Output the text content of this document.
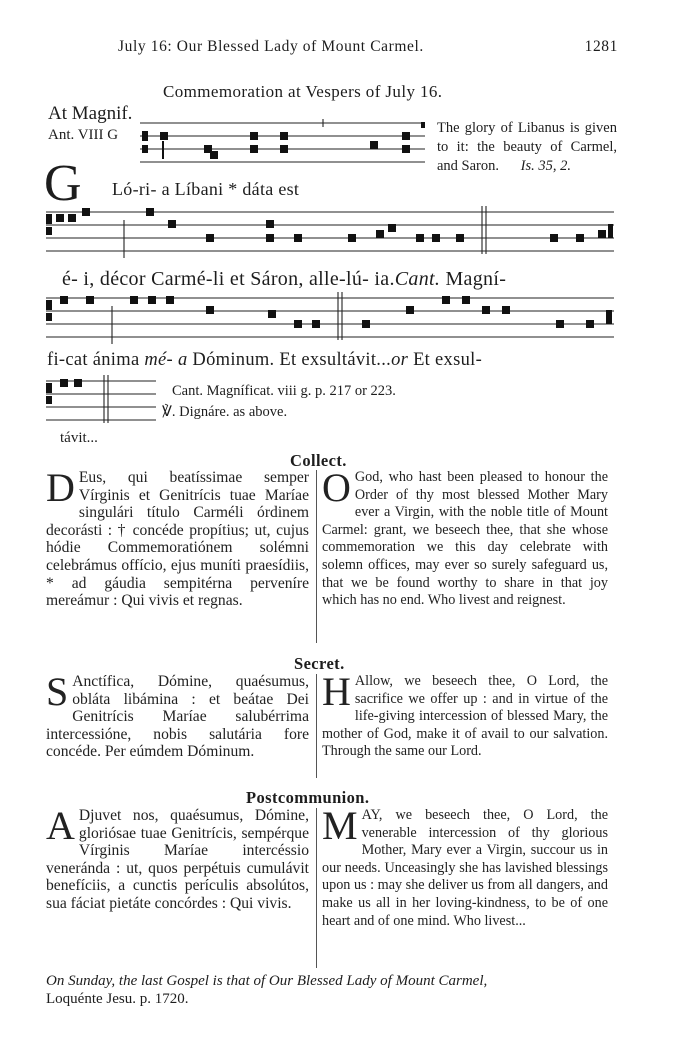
July 16: Our Blessed Lady of Mount Carmel.	1281
Commemoration at Vespers of July 16.
At Magnif.
Ant. VIII G
G
The glory of Libanus is given to it: the beauty of Carmel, and Saron. Is. 35, 2.
Ló-ri- a Líbani * dáta est
é- i, décor Carmé-li et Sáron, alle-lú- ia.Cant. Magní-
fi-cat ánima mé- a Dóminum. Et exsultávit...or Et exsul-
Cant. Magníficat. viii g. p. 217 or 223.
℣. Dignáre. as above.
távit...
Collect.
D Eus, qui beatíssimae semper Vírginis et Genitrícis tuae Maríae singulári título Carméli órdinem decorásti : † concéde propítius; ut, cujus hódie Commemoratiónem solémni celebrámus offício, ejus muníti praesídiis, * ad gáudia sempitérna perveníre mereámur : Qui vivis et regnas.
O God, who hast been pleased to honour the Order of thy most blessed Mother Mary ever a Virgin, with the noble title of Mount Carmel: grant, we beseech thee, that she whose commemoration we this day celebrate with solemn offices, may ever so surely safeguard us, that we be found worthy to share in that joy which has no end. Who livest and reignest.
Secret.
S Anctífica, Dómine, quaésumus, obláta libámina : et beátae Dei Genitrícis Maríae salubérrima intercessióne, nobis salutária fore concéde. Per eúmdem Dóminum.
H Allow, we beseech thee, O Lord, the sacrifice we offer up : and in virtue of the life-giving intercession of blessed Mary, the mother of God, make it of avail to our salvation. Through the same our Lord.
Postcommunion.
A Djuvet nos, quaésumus, Dómine, gloriósae tuae Genitrícis, sempérque Vírginis Maríae intercéssio veneránda : ut, quos perpétuis cumulávit benefíciis, a cunctis perículis absolútos, sua fáciat pietáte concórdes : Qui vivis.
MAY, we beseech thee, O Lord, the venerable intercession of thy glorious Mother, Mary ever a Virgin, succour us in our needs. Unceasingly she has lavished blessings upon us : may she deliver us from all dangers, and make us all in her loving-kindness, to be of one heart and of one mind. Who livest...
On Sunday, the last Gospel is that of Our Blessed Lady of Mount Carmel,
Loquénte Jesu. p. 1720.
